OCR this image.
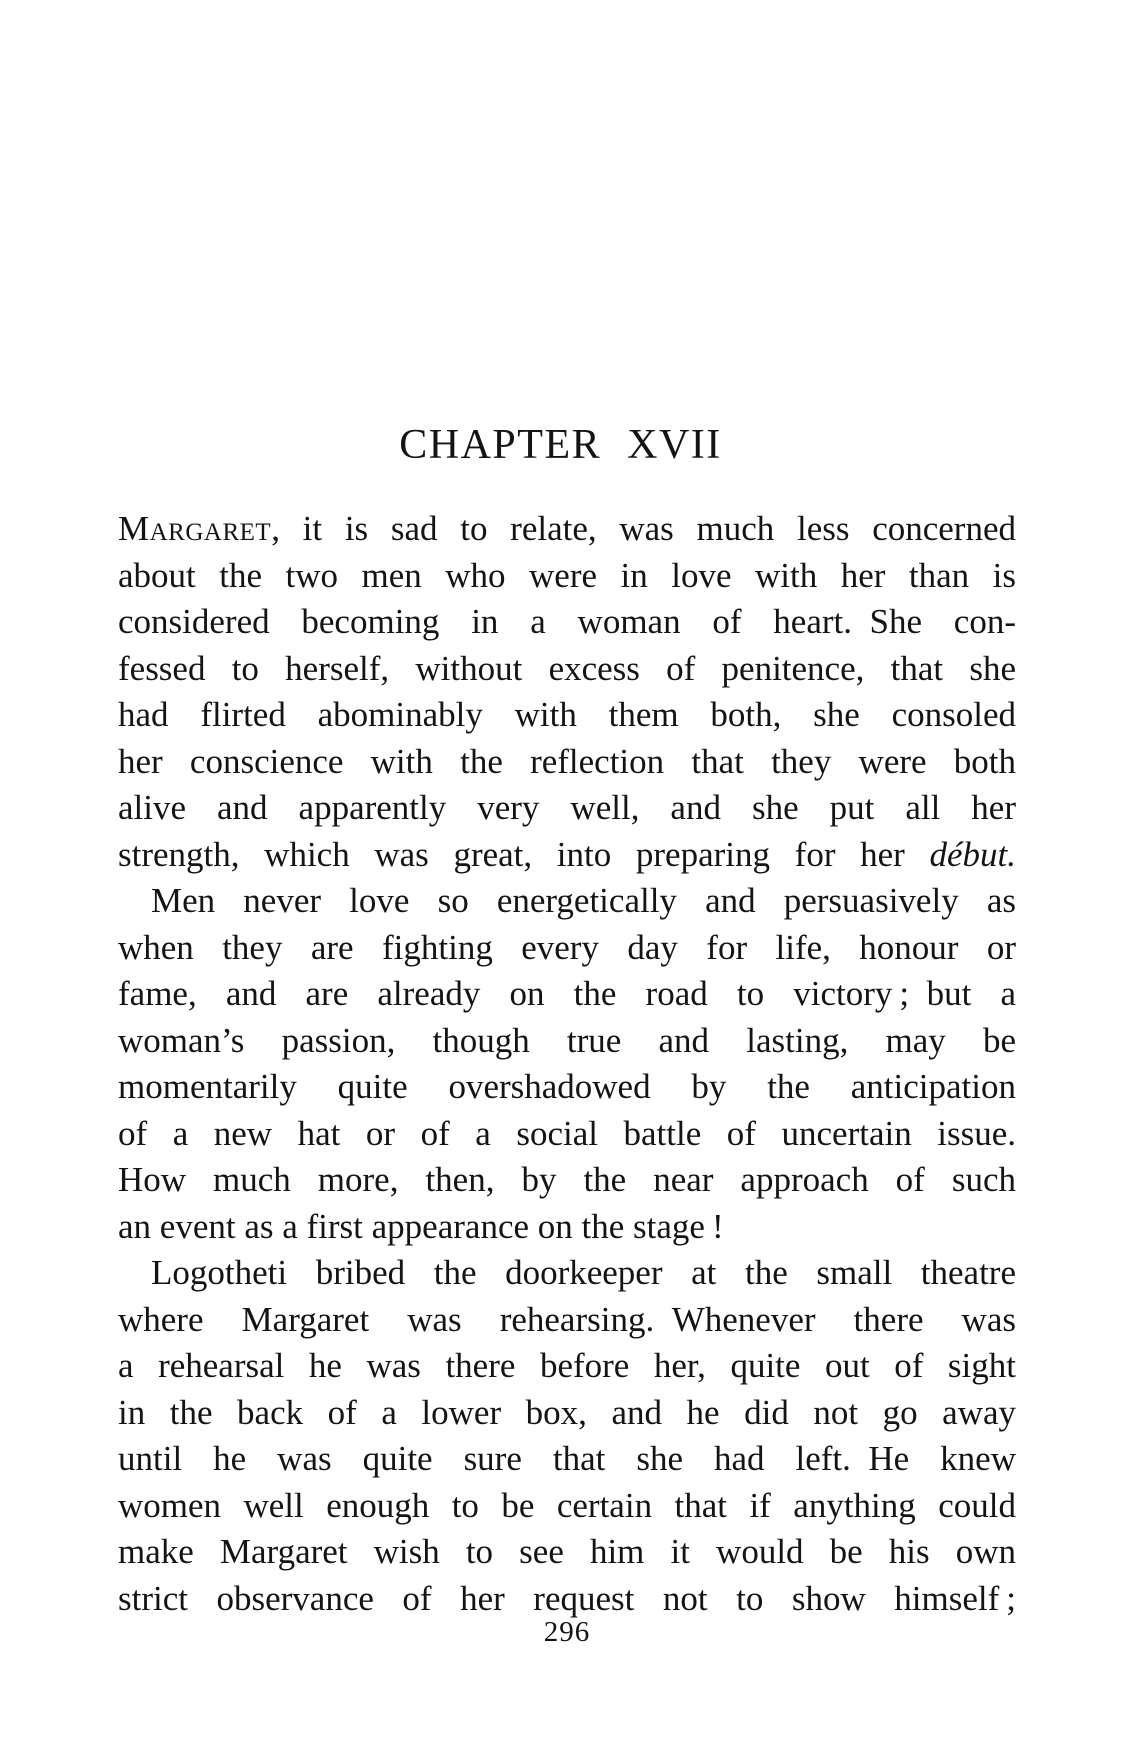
CHAPTER XVII
Margaret, it is sad to relate, was much less concerned
about the two men who were in love with her than is
considered becoming in a woman of heart. She con-
fessed to herself, without excess of penitence, that she
had flirted abominably with them both, she consoled
her conscience with the reflection that they were both
alive and apparently very well, and she put all her
strength, which was great, into preparing for her début.
Men never love so energetically and persuasively as
when they are fighting every day for life, honour or
fame, and are already on the road to victory ; but a
woman’s passion, though true and lasting, may be
momentarily quite overshadowed by the anticipation
of a new hat or of a social battle of uncertain issue.
How much more, then, by the near approach of such
an event as a first appearance on the stage !
Logotheti bribed the doorkeeper at the small theatre
where Margaret was rehearsing. Whenever there was
a rehearsal he was there before her, quite out of sight
in the back of a lower box, and he did not go away
until he was quite sure that she had left. He knew
women well enough to be certain that if anything could
make Margaret wish to see him it would be his own
strict observance of her request not to show himself ;
296
